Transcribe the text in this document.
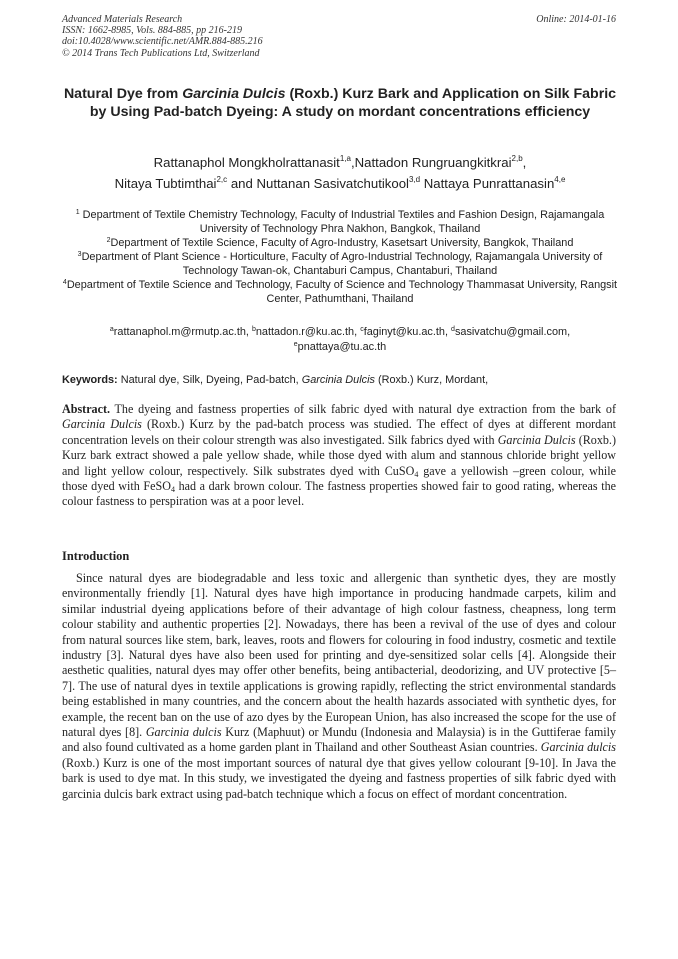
Advanced Materials Research
ISSN: 1662-8985, Vols. 884-885, pp 216-219
doi:10.4028/www.scientific.net/AMR.884-885.216
© 2014 Trans Tech Publications Ltd, Switzerland
Online: 2014-01-16
Natural Dye from Garcinia Dulcis (Roxb.) Kurz Bark and Application on Silk Fabric by Using Pad-batch Dyeing: A study on mordant concentrations efficiency
Rattanaphol Mongkholrattanasit$^{1,a}$,Nattadon Rungruangkitkrai$^{2,b}$,
Nitaya Tubtimthai$^{2,c}$ and Nuttanan Sasivatchutikool$^{3,d}$ Nattaya Punrattanasin$^{4,e}$
$^1$ Department of Textile Chemistry Technology, Faculty of Industrial Textiles and Fashion Design, Rajamangala University of Technology Phra Nakhon, Bangkok, Thailand
$^2$Department of Textile Science, Faculty of Agro-Industry, Kasetsart University, Bangkok, Thailand
$^3$Department of Plant Science - Horticulture, Faculty of Agro-Industrial Technology, Rajamangala University of Technology Tawan-ok, Chantaburi Campus, Chantaburi, Thailand
$^4$Department of Textile Science and Technology, Faculty of Science and Technology Thammasat University, Rangsit Center, Pathumthani, Thailand
$^a$rattanaphol.m@rmutp.ac.th, $^b$nattadon.r@ku.ac.th, $^c$faginyt@ku.ac.th, $^d$sasivatchu@gmail.com,
$^e$pnattaya@tu.ac.th
Keywords: Natural dye, Silk, Dyeing, Pad-batch, Garcinia Dulcis (Roxb.) Kurz, Mordant,
Abstract. The dyeing and fastness properties of silk fabric dyed with natural dye extraction from the bark of Garcinia Dulcis (Roxb.) Kurz by the pad-batch process was studied. The effect of dyes at different mordant concentration levels on their colour strength was also investigated. Silk fabrics dyed with Garcinia Dulcis (Roxb.) Kurz bark extract showed a pale yellow shade, while those dyed with alum and stannous chloride bright yellow and light yellow colour, respectively. Silk substrates dyed with CuSO$_4$ gave a yellowish –green colour, while those dyed with FeSO$_4$ had a dark brown colour. The fastness properties showed fair to good rating, whereas the colour fastness to perspiration was at a poor level.
Introduction
Since natural dyes are biodegradable and less toxic and allergenic than synthetic dyes, they are mostly environmentally friendly [1]. Natural dyes have high importance in producing handmade carpets, kilim and similar industrial dyeing applications before of their advantage of high colour fastness, cheapness, long term colour stability and authentic properties [2]. Nowadays, there has been a revival of the use of dyes and colour from natural sources like stem, bark, leaves, roots and flowers for colouring in food industry, cosmetic and textile industry [3]. Natural dyes have also been used for printing and dye-sensitized solar cells [4]. Alongside their aesthetic qualities, natural dyes may offer other benefits, being antibacterial, deodorizing, and UV protective [5–7]. The use of natural dyes in textile applications is growing rapidly, reflecting the strict environmental standards being established in many countries, and the concern about the health hazards associated with synthetic dyes, for example, the recent ban on the use of azo dyes by the European Union, has also increased the scope for the use of natural dyes [8]. Garcinia dulcis Kurz (Maphuut) or Mundu (Indonesia and Malaysia) is in the Guttiferae family and also found cultivated as a home garden plant in Thailand and other Southeast Asian countries. Garcinia dulcis (Roxb.) Kurz is one of the most important sources of natural dye that gives yellow colourant [9-10]. In Java the bark is used to dye mat. In this study, we investigated the dyeing and fastness properties of silk fabric dyed with garcinia dulcis bark extract using pad-batch technique which a focus on effect of mordant concentration.
